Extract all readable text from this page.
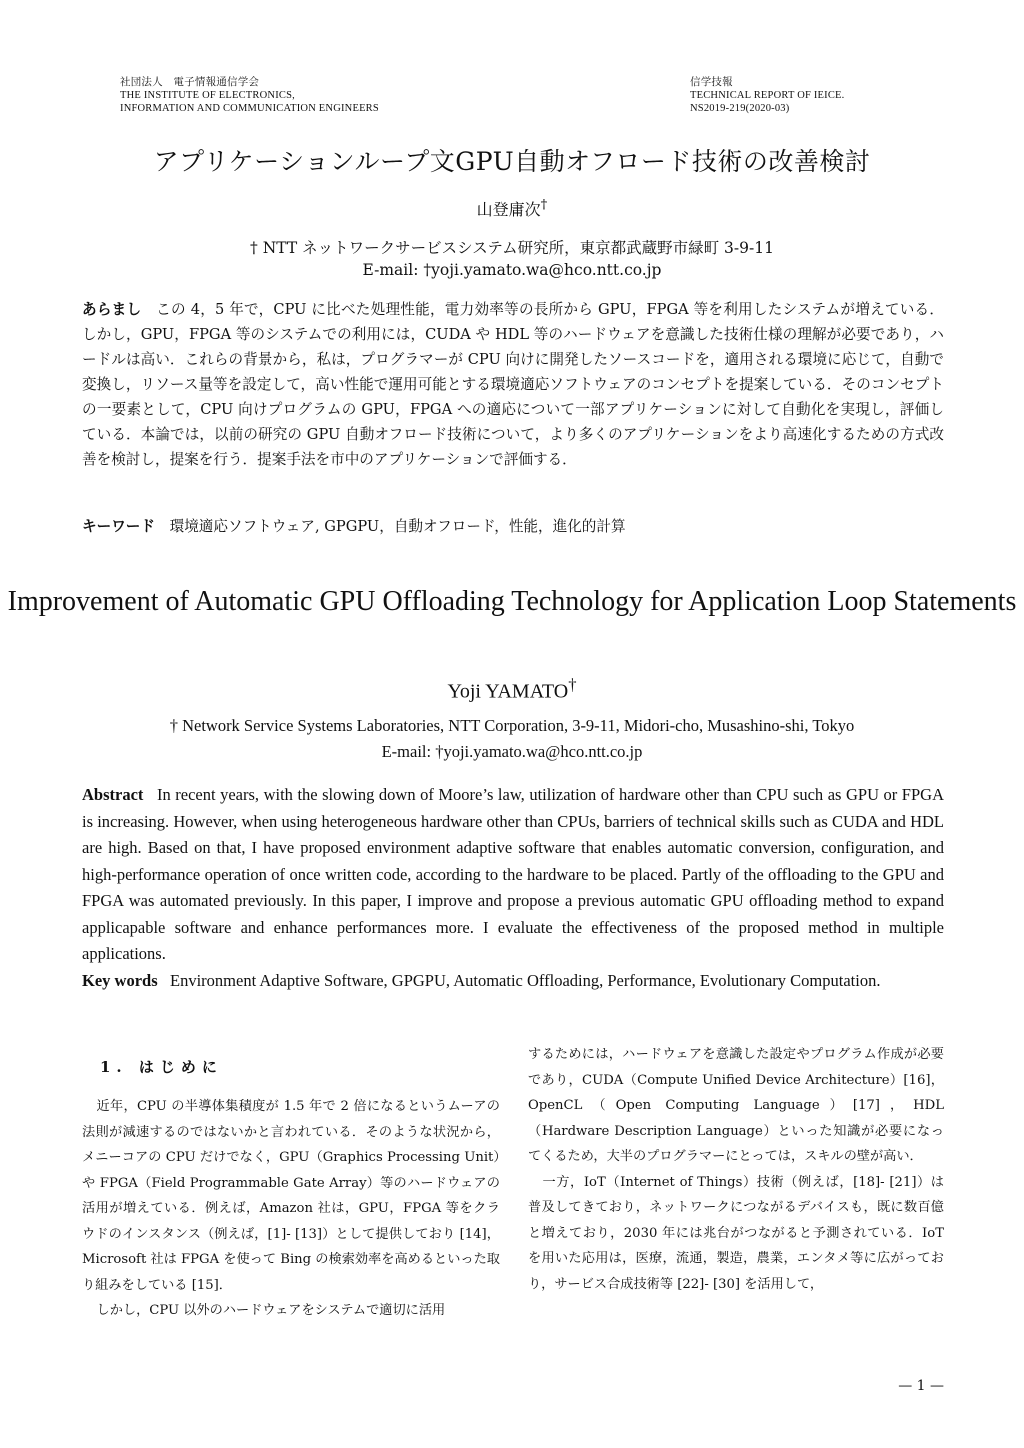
社団法人　電子情報通信学会
THE INSTITUTE OF ELECTRONICS,
INFORMATION AND COMMUNICATION ENGINEERS
信学技報
TECHNICAL REPORT OF IEICE.
NS2019-219(2020-03)
アプリケーションループ文GPU自動オフロード技術の改善検討
山登庸次†
† NTT ネットワークサービスシステム研究所，東京都武蔵野市緑町 3-9-11
E-mail: †yoji.yamato.wa@hco.ntt.co.jp
あらまし　 この 4，5 年で，CPU に比べた処理性能，電力効率等の長所から GPU，FPGA 等を利用したシステムが増えている．しかし，GPU，FPGA 等のシステムでの利用には，CUDA や HDL 等のハードウェアを意識した技術仕様の理解が必要であり，ハードルは高い．これらの背景から，私は，プログラマーが CPU 向けに開発したソースコードを，適用される環境に応じて，自動で変換し，リソース量等を設定して，高い性能で運用可能とする環境適応ソフトウェアのコンセプトを提案している．そのコンセプトの一要素として，CPU 向けプログラムの GPU，FPGA への適応について一部アプリケーションに対して自動化を実現し，評価している．本論では，以前の研究の GPU 自動オフロード技術について，より多くのアプリケーションをより高速化するための方式改善を検討し，提案を行う．提案手法を市中のアプリケーションで評価する．
キーワード　 環境適応ソフトウェア, GPGPU，自動オフロード，性能，進化的計算
Improvement of Automatic GPU Offloading Technology for Application Loop Statements
Yoji YAMATO†
† Network Service Systems Laboratories, NTT Corporation, 3-9-11, Midori-cho, Musashino-shi, Tokyo
E-mail: †yoji.yamato.wa@hco.ntt.co.jp
Abstract In recent years, with the slowing down of Moore’s law, utilization of hardware other than CPU such as GPU or FPGA is increasing. However, when using heterogeneous hardware other than CPUs, barriers of technical skills such as CUDA and HDL are high. Based on that, I have proposed environment adaptive software that enables automatic conversion, configuration, and high-performance operation of once written code, according to the hardware to be placed. Partly of the offloading to the GPU and FPGA was automated previously. In this paper, I improve and propose a previous automatic GPU offloading method to expand applicapable software and enhance performances more. I evaluate the effectiveness of the proposed method in multiple applications.
Key words Environment Adaptive Software, GPGPU, Automatic Offloading, Performance, Evolutionary Computation.
1. はじめに

近年，CPU の半導体集積度が 1.5 年で 2 倍になるというムーアの法則が減速するのではないかと言われている．そのような状況から，メニーコアの CPU だけでなく，GPU（Graphics Processing Unit）や FPGA（Field Programmable Gate Array）等のハードウェアの活用が増えている．例えば，Amazon 社は，GPU，FPGA 等をクラウドのインスタンス（例えば，[1]- [13]）として提供しており [14]，Microsoft 社は FPGA を使って Bing の検索効率を高めるといった取り組みをしている [15]．

しかし，CPU 以外のハードウェアをシステムで適切に活用

するためには，ハードウェアを意識した設定やプログラム作成が必要であり，CUDA（Compute Unified Device Architecture）[16]，OpenCL（Open Computing Language）[17]，HDL（Hardware Description Language）といった知識が必要になってくるため，大半のプログラマーにとっては，スキルの壁が高い．

一方，IoT（Internet of Things）技術（例えば，[18]- [21]）は普及してきており，ネットワークにつながるデバイスも，既に数百億と増えており，2030 年には兆台がつながると予測されている．IoT を用いた応用は，医療，流通，製造，農業，エンタメ等に広がっており，サービス合成技術等 [22]- [30] を活用して，

— 1 —
